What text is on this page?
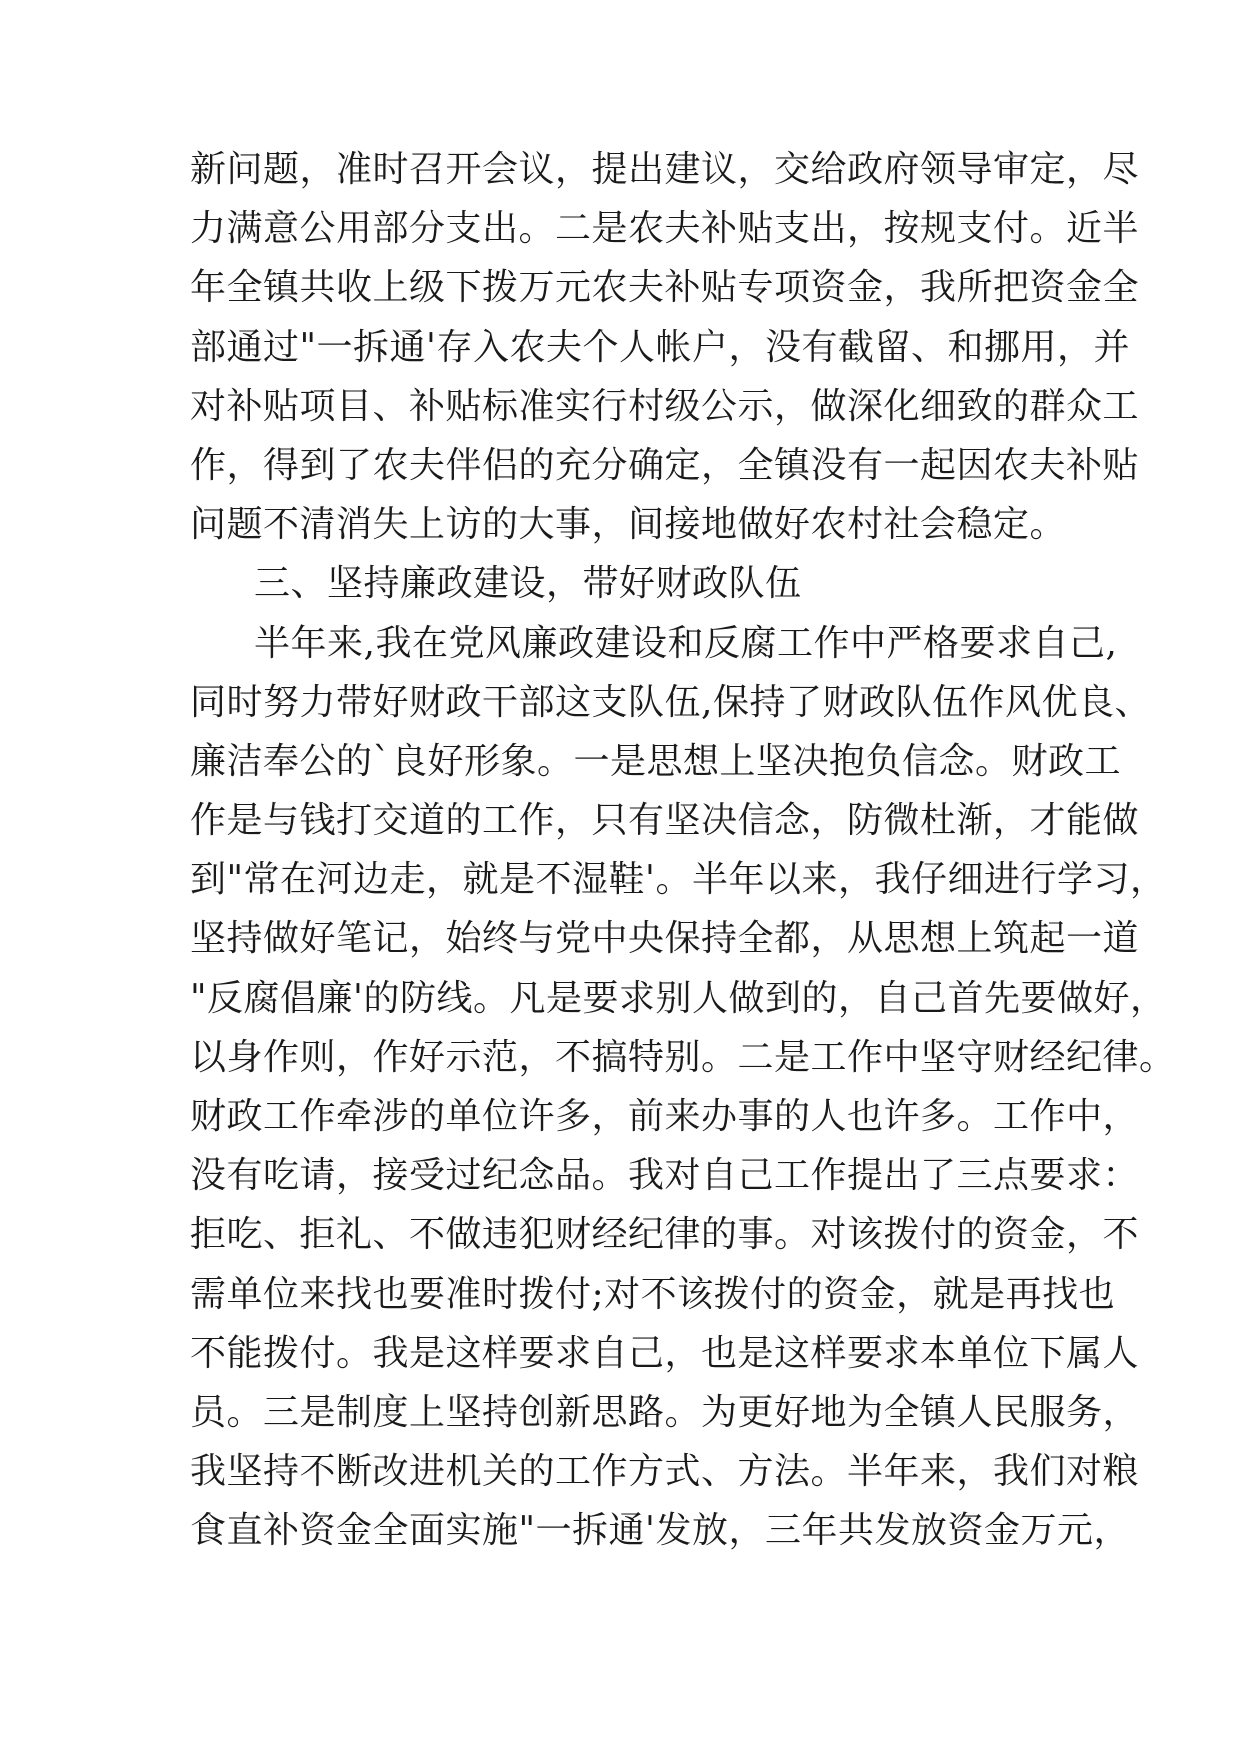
新问题，准时召开会议，提出建议，交给政府领导审定，尽
力满意公用部分支出。二是农夫补贴支出，按规支付。近半
年全镇共收上级下拨万元农夫补贴专项资金，我所把资金全
部通过"一拆通'存入农夫个人帐户，没有截留、和挪用，并
对补贴项目、补贴标准实行村级公示，做深化细致的群众工
作，得到了农夫伴侣的充分确定，全镇没有一起因农夫补贴
问题不清消失上访的大事，间接地做好农村社会稳定。
三、坚持廉政建设，带好财政队伍
半年来,我在党风廉政建设和反腐工作中严格要求自己,
同时努力带好财政干部这支队伍,保持了财政队伍作风优良、
廉洁奉公的`良好形象。一是思想上坚决抱负信念。财政工
作是与钱打交道的工作，只有坚决信念，防微杜渐，才能做
到"常在河边走，就是不湿鞋'。半年以来，我仔细进行学习，
坚持做好笔记，始终与党中央保持全都，从思想上筑起一道
"反腐倡廉'的防线。凡是要求别人做到的，自己首先要做好，
以身作则，作好示范，不搞特别。二是工作中坚守财经纪律。
财政工作牵涉的单位许多，前来办事的人也许多。工作中，
没有吃请，接受过纪念品。我对自己工作提出了三点要求：
拒吃、拒礼、不做违犯财经纪律的事。对该拨付的资金，不
需单位来找也要准时拨付;对不该拨付的资金，就是再找也
不能拨付。我是这样要求自己，也是这样要求本单位下属人
员。三是制度上坚持创新思路。为更好地为全镇人民服务，
我坚持不断改进机关的工作方式、方法。半年来，我们对粮
食直补资金全面实施"一拆通'发放，三年共发放资金万元，
